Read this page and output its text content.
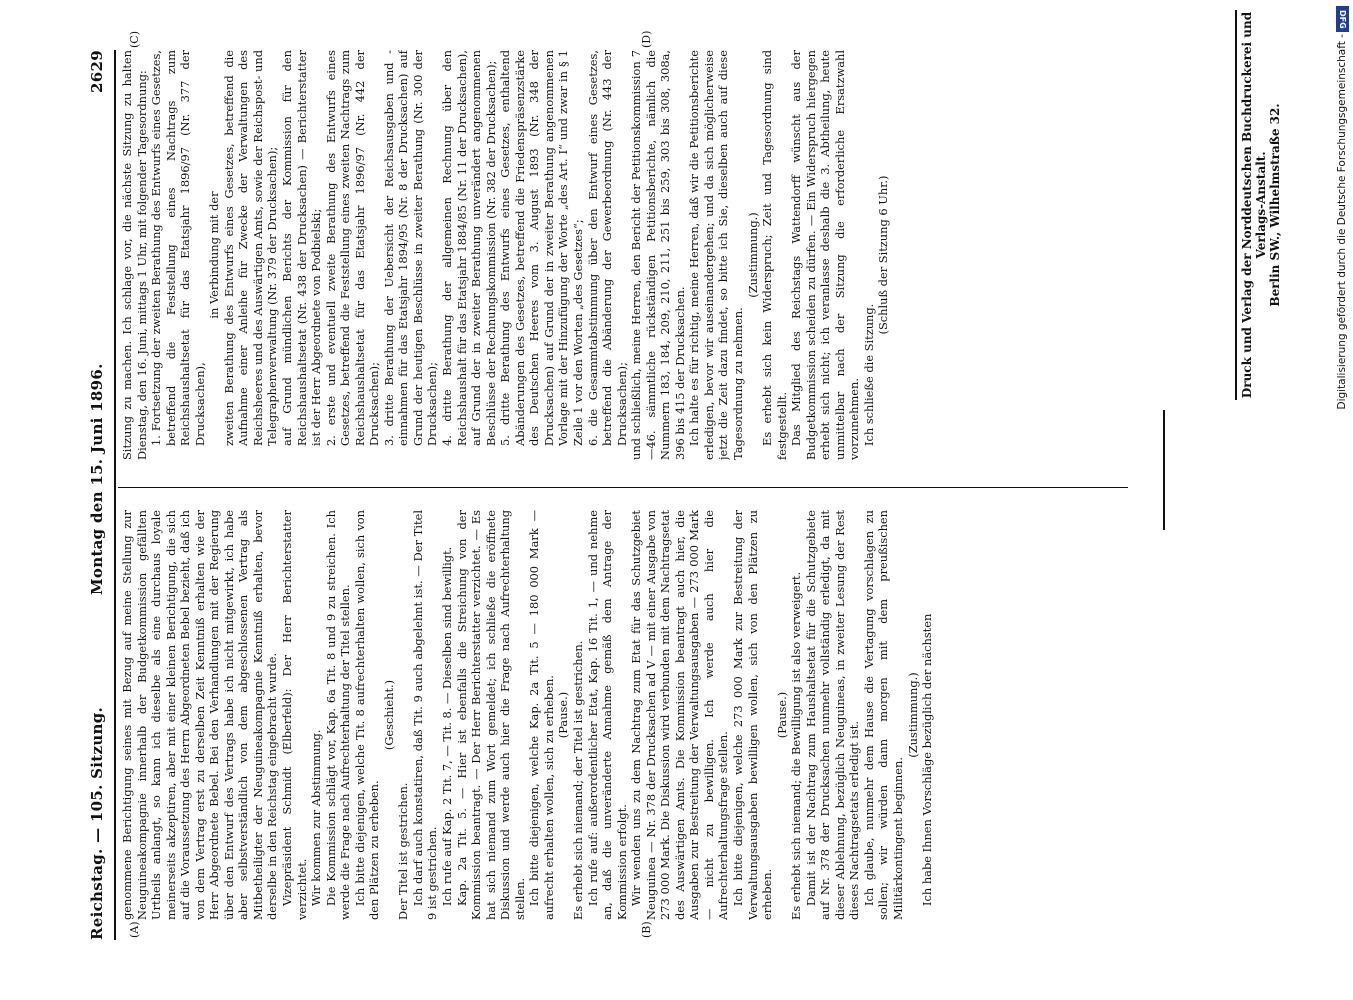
Reichstag. — 105. Sitzung.
Montag den 15. Juni 1896.
2629
(A)	(B)
(C)	(D)

genommene Berichtigung seines mit Bezug auf meine Stellung zur Neuguineakompagnie innerhalb der Budgetkommission gefällten Urtheils anlangt, so kann ich dieselbe als eine durchaus loyale meinerseits akzeptiren, aber mit einer kleinen Berichtigung, die sich auf die Voraussetzung des Herrn Abgeordneten Bebel bezieht, daß ich von dem Vertrag erst zu derselben Zeit Kenntniß erhalten wie der Herr Abgeordnete Bebel. Bei den Verhandlungen mit der Regierung über den Entwurf des Vertrags habe ich nicht mitgewirkt, ich habe aber selbstverständlich von dem abgeschlossenen Vertrag als Mitbetheiligter der Neuguineakompagnie Kenntniß erhalten, bevor derselbe in den Reichstag eingebracht wurde. Vizepräsident Schmidt (Elberfeld): Der Herr Berichterstatter verzichtet. Wir kommen zur Abstimmung. Die Kommission schlägt vor, Kap. 6a Tit. 8 und 9 zu streichen. Ich werde die Frage nach Aufrechterhaltung der Titel stellen. Ich bitte diejenigen, welche Tit. 8 aufrechterhalten wollen, sich von den Plätzen zu erheben.

(Geschieht.)

Der Titel ist gestrichen. Ich darf auch konstatiren, daß Tit. 9 auch abgelehnt ist. — Der Titel 9 ist gestrichen. Ich rufe auf Kap. 2 Tit. 7, — Tit. 8. — Dieselben sind bewilligt. Kap. 2a Tit. 5. — Hier ist ebenfalls die Streichung von der Kommission beantragt. — Der Herr Berichterstatter verzichtet. — Es hat sich niemand zum Wort gemeldet; ich schließe die eröffnete Diskussion und werde auch hier die Frage nach Aufrechterhaltung stellen. Ich bitte diejenigen, welche Kap. 2a Tit. 5 — 180 000 Mark — aufrecht erhalten wollen, sich zu erheben. (Pause.) Es erhebt sich niemand; der Titel ist gestrichen. Ich rufe auf: außerordentlicher Etat, Kap. 16 Tit. 1, — und nehme an, daß die unveränderte Annahme gemäß dem Antrage der Kommission erfolgt. Wir wenden uns zu dem Nachtrag zum Etat für das Schutzgebiet Neuguinea — Nr. 378 der Drucksachen ad V — mit einer Ausgabe von 273 000 Mark. Die Diskussion wird verbunden mit dem Nachtragsetat des Auswärtigen Amts. Die Kommission beantragt auch hier, die Ausgaben zur Bestreitung der Verwaltungsausgaben — 273 000 Mark — nicht zu bewilligen. Ich werde auch hier die Aufrechterhaltungsfrage stellen. Ich bitte diejenigen, welche 273 000 Mark zur Bestreitung der Verwaltungsausgaben bewilligen wollen, sich von den Plätzen zu erheben.

(Pause.) Es erhebt sich niemand; die Bewilligung ist also verweigert. Damit ist der Nachtrag zum Haushaltsetat für die Schutzgebiete auf Nr. 378 der Drucksachen nunmehr vollständig erledigt, da mit dieser Ablehnung, bezüglich Neuguineas, in zweiter Lesung der Rest dieses Nachtragsetats erledigt ist. Ich glaube, nunmehr dem Hause die Vertagung vorschlagen zu sollen; wir würden dann morgen mit dem preußischen Militärkontingent beginnen.

(Zustimmung.) Ich habe Ihnen Vorschläge bezüglich der nächsten

Sitzung zu machen. Ich schlage vor, die nächste Sitzung zu halten Dienstag, den 16. Juni, mittags 1 Uhr, mit folgender Tagesordnung: 1. Fortsetzung der zweiten Berathung des Entwurfs eines Gesetzes, betreffend die Feststellung eines Nachtrags zum Reichshaushaltsetat für das Etatsjahr 1896/97 (Nr. 377 der Drucksachen),

in Verbindung mit der zweiten Berathung des Entwurfs eines Gesetzes, betreffend die Aufnahme einer Anleihe für Zwecke der Verwaltungen des Reichsheeres und des Auswärtigen Amts, sowie der Reichspost- und Telegraphenverwaltung (Nr. 379 der Drucksachen); auf Grund mündlichen Berichts der Kommission für den Reichshaushaltsetat (Nr. 438 der Drucksachen) — Berichterstatter ist der Herr Abgeordnete von Podbielski; 2. erste und eventuell zweite Berathung des Entwurfs eines Gesetzes, betreffend die Feststellung eines zweiten Nachtrags zum Reichshaushaltsetat für das Etatsjahr 1896/97 (Nr. 442 der Drucksachen); 3. dritte Berathung der Uebersicht der Reichsausgaben und -einnahmen für das Etatsjahr 1894/95 (Nr. 8 der Drucksachen) auf Grund der heutigen Beschlüsse in zweiter Berathung (Nr. 300 der Drucksachen); 4. dritte Berathung der allgemeinen Rechnung über den Reichshaushalt für das Etatsjahr 1884/85 (Nr. 11 der Drucksachen), auf Grund der in zweiter Berathung unverändert angenommenen Beschlüsse der Rechnungskommission (Nr. 382 der Drucksachen); 5. dritte Berathung des Entwurfs eines Gesetzes, enthaltend Abänderungen des Gesetzes, betreffend die Friedenspräsenzstärke des Deutschen Heeres vom 3. August 1893 (Nr. 348 der Drucksachen) auf Grund der in zweiter Berathung angenommenen Vorlage mit der Hinzufügung der Worte „des Art. I“ und zwar in § 1 Zeile 1 vor den Worten „des Gesetzes“; 6. die Gesammtabstimmung über den Entwurf eines Gesetzes, betreffend die Abänderung der Gewerbeordnung (Nr. 443 der Drucksachen); und schließlich, meine Herren, den Bericht der Petitionskommission 7—46. sämmtliche rückständigen Petitionsberichte, nämlich die Nummern 183, 184, 209, 210, 211, 251 bis 259, 303 bis 308, 308a, 396 bis 415 der Drucksachen. Ich halte es für richtig, meine Herren, daß wir die Petitionsberichte erledigen, bevor wir auseinandergehen; und da sich möglicherweise jetzt die Zeit dazu findet, so bitte ich Sie, dieselben auch auf diese Tagesordnung zu nehmen.

(Zustimmung.) Es erhebt sich kein Widerspruch; Zeit und Tagesordnung sind festgestellt. Das Mitglied des Reichstags Wattendorff wünscht aus der Budgetkommission scheiden zu dürfen. — Ein Widerspruch hiergegen erhebt sich nicht; ich veranlasse deshalb die 3. Abtheilung, heute unmittelbar nach der Sitzung die erforderliche Ersatzwahl vorzunehmen. Ich schließe die Sitzung.

(Schluß der Sitzung 6 Uhr.)	Druck und Verlag der Norddeutschen Buchdruckerei und Verlags-Anstalt. Berlin SW., Wilhelmstraße 32.	Digitalisierung gefördert durch die Deutsche Forschungsgemeinschaft -
DFG
